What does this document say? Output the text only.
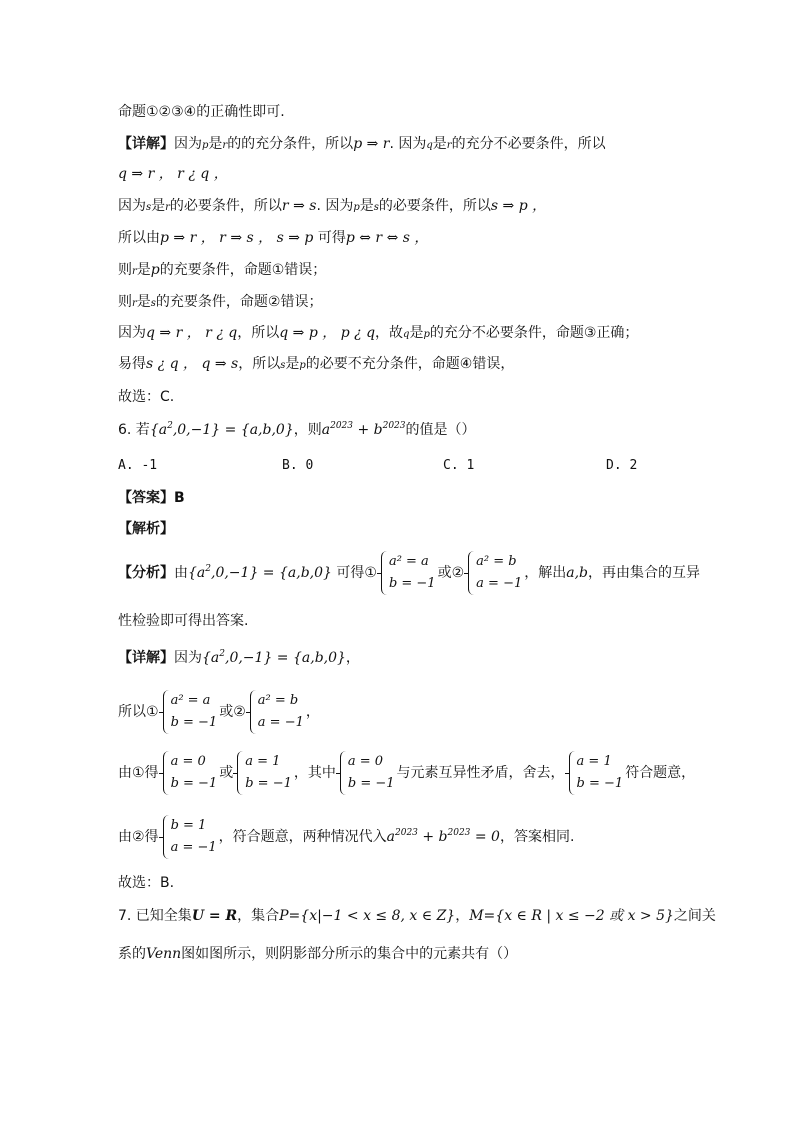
命题①②③④的正确性即可.
【详解】因为p是r的的充分条件，所以p ⇒ r. 因为q是r的充分不必要条件，所以
q ⇒ r ， r ¿ q ，
因为s是r的必要条件，所以r ⇒ s. 因为p是s的必要条件，所以s ⇒ p ，
所以由p ⇒ r ， r ⇒ s ， s ⇒ p 可得p ⇔ r ⇔ s ，
则r是p的充要条件，命题①错误；
则r是s的充要条件，命题②错误；
因为q ⇒ r ， r ¿ q，所以q ⇒ p ， p ¿ q，故q是p的充分不必要条件，命题③正确；
易得s ¿ q ， q ⇒ s，所以s是p的必要不充分条件，命题④错误，
故选：C.
6. 若$\{a^2,0,-1\} = \{a,b,0\}$，则$a^{2023} + b^{2023}$的值是（）
A. -1	B. 0	C. 1	D. 2
【答案】B
【解析】
【分析】由$\{a^2,0,-1\} = \{a,b,0\}$ 可得①
a² = a
b = −1
或②
a² = b
a = −1
，解出a,b，再由集合的互异
性检验即可得出答案.
【详解】因为$\{a^2,0,-1\} = \{a,b,0\}$，
所以①
a² = a
b = −1
或②
a² = b
a = −1
，
由①得
a = 0
b = −1
或
a = 1
b = −1
，其中
a = 0
b = −1
与元素互异性矛盾，舍去，
a = 1
b = −1
符合题意，
由②得
b = 1
a = −1
，符合题意，两种情况代入$a^{2023} + b^{2023} = 0$，答案相同.
故选：B.
7. 已知全集U = R，集合P={x|−1 < x ≤ 8, x ∈ Z}，M={x ∈ R | x ≤ −2 或 x > 5}之间关
系的Venn图如图所示，则阴影部分所示的集合中的元素共有（）
